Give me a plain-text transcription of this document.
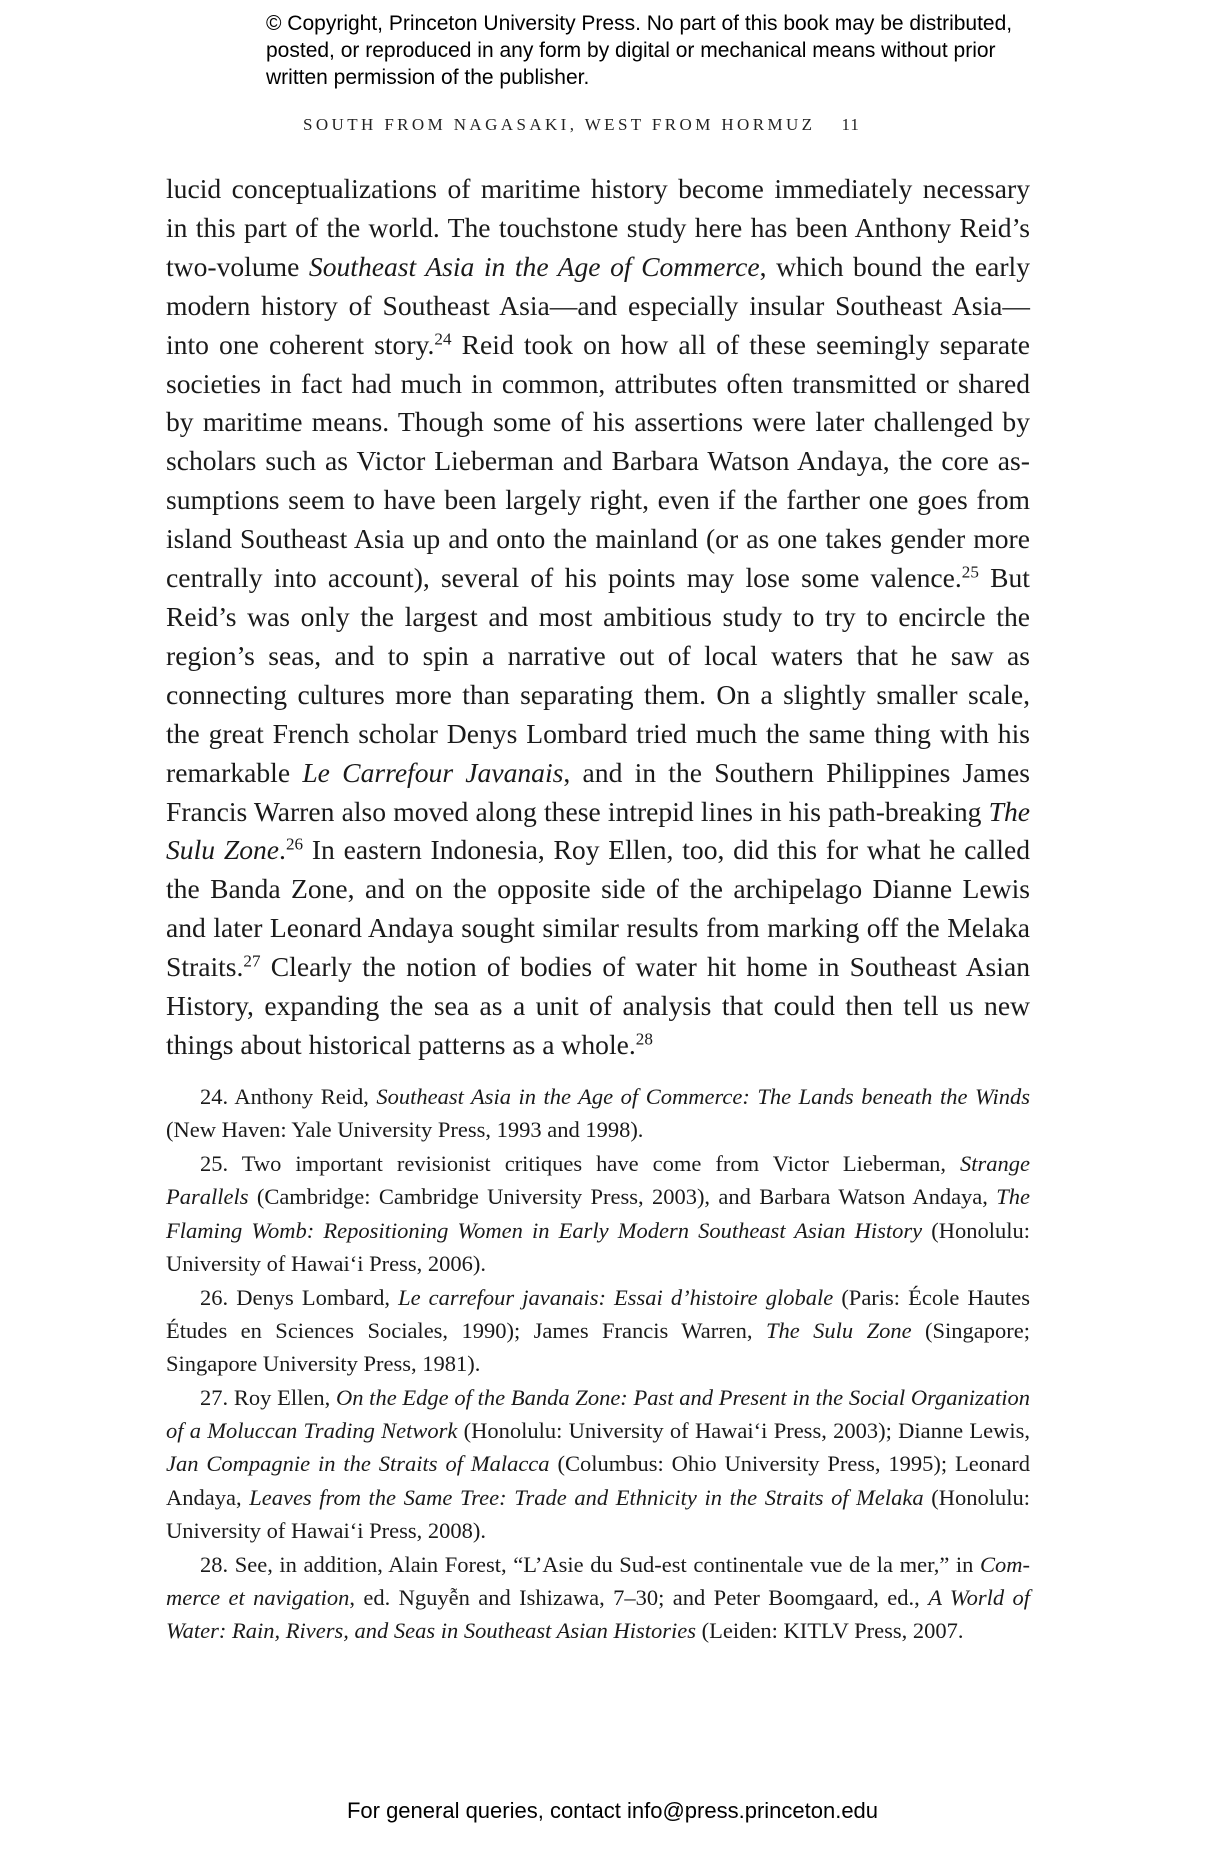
© Copyright, Princeton University Press. No part of this book may be distributed, posted, or reproduced in any form by digital or mechanical means without prior written permission of the publisher.
SOUTH FROM NAGASAKI, WEST FROM HORMUZ 11

lucid conceptualizations of maritime history become immediately necessary in this part of the world. The touchstone study here has been Anthony Reid’s two-volume Southeast Asia in the Age of Commerce, which bound the early modern history of Southeast Asia—and especially insular Southeast Asia—into one coherent story.$^{24}$ Reid took on how all of these seemingly separate societies in fact had much in common, attributes often transmitted or shared by maritime means. Though some of his assertions were later challenged by scholars such as Victor Lieberman and Barbara Watson Andaya, the core assumptions seem to have been largely right, even if the farther one goes from island Southeast Asia up and onto the mainland (or as one takes gender more centrally into account), several of his points may lose some valence.$^{25}$ But Reid’s was only the largest and most ambitious study to try to encircle the region’s seas, and to spin a narrative out of local waters that he saw as connecting cultures more than separating them. On a slightly smaller scale, the great French scholar Denys Lombard tried much the same thing with his remarkable Le Carrefour Javanais, and in the Southern Philippines James Francis Warren also moved along these intrepid lines in his path-breaking The Sulu Zone.$^{26}$ In eastern Indonesia, Roy Ellen, too, did this for what he called the Banda Zone, and on the opposite side of the archipelago Dianne Lewis and later Leonard Andaya sought similar results from marking off the Melaka Straits.$^{27}$ Clearly the notion of bodies of water hit home in Southeast Asian History, expanding the sea as a unit of analysis that could then tell us new things about historical patterns as a whole.$^{28}$

24. Anthony Reid, Southeast Asia in the Age of Commerce: The Lands beneath the Winds (New Haven: Yale University Press, 1993 and 1998).

25. Two important revisionist critiques have come from Victor Lieberman, Strange Parallels (Cambridge: Cambridge University Press, 2003), and Barbara Watson Andaya, The Flaming Womb: Repositioning Women in Early Modern Southeast Asian History (Honolulu: University of Hawai‘i Press, 2006).

26. Denys Lombard, Le carrefour javanais: Essai d’histoire globale (Paris: École Hautes Études en Sciences Sociales, 1990); James Francis Warren, The Sulu Zone (Singapore; Singapore University Press, 1981).

27. Roy Ellen, On the Edge of the Banda Zone: Past and Present in the Social Organization of a Moluccan Trading Network (Honolulu: University of Hawai‘i Press, 2003); Dianne Lewis, Jan Compagnie in the Straits of Malacca (Columbus: Ohio University Press, 1995); Leonard Andaya, Leaves from the Same Tree: Trade and Ethnicity in the Straits of Melaka (Honolulu: University of Hawai‘i Press, 2008).

28. See, in addition, Alain Forest, “L’Asie du Sud-est continentale vue de la mer,” in Commerce et navigation, ed. Nguyễn and Ishizawa, 7–30; and Peter Boomgaard, ed., A World of Water: Rain, Rivers, and Seas in Southeast Asian Histories (Leiden: KITLV Press, 2007.

For general queries, contact info@press.princeton.edu
